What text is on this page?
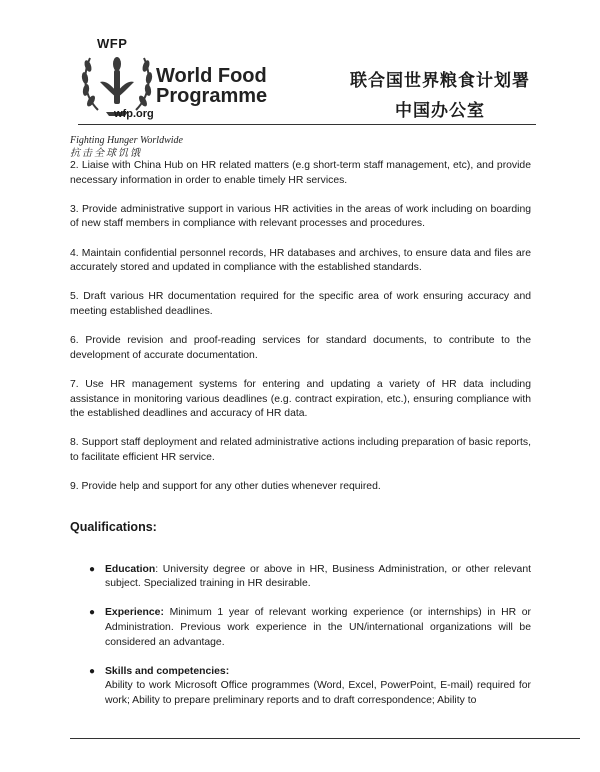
WFP
World Food
Programme
wfp.org
联合国世界粮食计划署
中国办公室
Fighting Hunger Worldwide
抗击全球饥饿

2. Liaise with China Hub on HR related matters (e.g short-term staff management, etc), and provide necessary information in order to enable timely HR services.

3. Provide administrative support in various HR activities in the areas of work including on boarding of new staff members in compliance with relevant processes and procedures.

4. Maintain confidential personnel records, HR databases and archives, to ensure data and files are accurately stored and updated in compliance with the established standards.

5. Draft various HR documentation required for the specific area of work ensuring accuracy and meeting established deadlines.

6. Provide revision and proof-reading services for standard documents, to contribute to the development of accurate documentation.

7. Use HR management systems for entering and updating a variety of HR data including assistance in monitoring various deadlines (e.g. contract expiration, etc.), ensuring compliance with the established deadlines and accuracy of HR data.

8. Support staff deployment and related administrative actions including preparation of basic reports, to facilitate efficient HR service.

9. Provide help and support for any other duties whenever required.

Qualifications:
● Education: University degree or above in HR, Business Administration, or other relevant subject. Specialized training in HR desirable.
● Experience: Minimum 1 year of relevant working experience (or internships) in HR or Administration. Previous work experience in the UN/international organizations will be considered an advantage.
● Skills and competencies:
Ability to work Microsoft Office programmes (Word, Excel, PowerPoint, E-mail) required for work; Ability to prepare preliminary reports and to draft correspondence; Ability to
